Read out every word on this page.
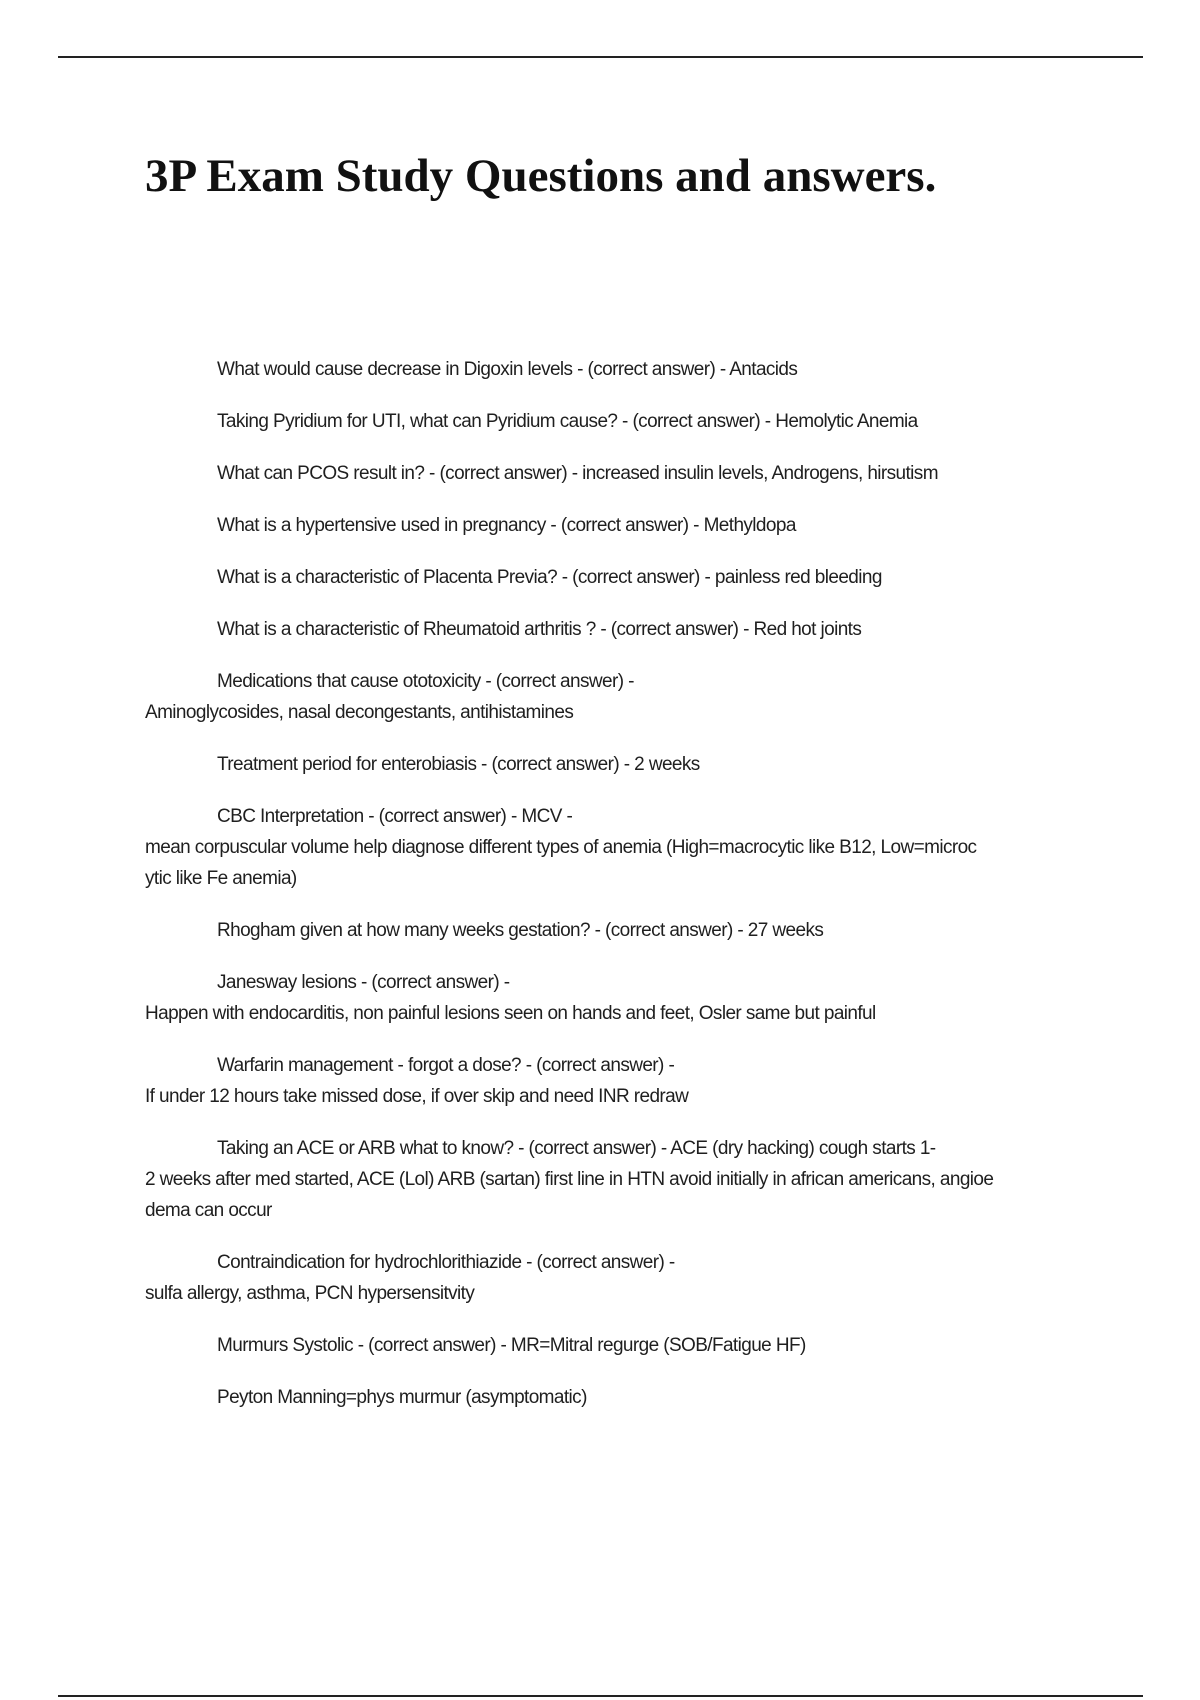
3P Exam Study Questions and answers.

What would cause decrease in Digoxin levels - (correct answer) - Antacids

Taking Pyridium for UTI, what can Pyridium cause? - (correct answer) - Hemolytic Anemia

What can PCOS result in? - (correct answer) - increased insulin levels, Androgens, hirsutism

What is a hypertensive used in pregnancy - (correct answer) - Methyldopa

What is a characteristic of Placenta Previa? - (correct answer) - painless red bleeding

What is a characteristic of Rheumatoid arthritis ? - (correct answer) - Red hot joints

Medications that cause ototoxicity - (correct answer) -
Aminoglycosides, nasal decongestants, antihistamines

Treatment period for enterobiasis - (correct answer) - 2 weeks

CBC Interpretation - (correct answer) - MCV -
mean corpuscular volume help diagnose different types of anemia (High=macrocytic like B12, Low=microc
ytic like Fe anemia)

Rhogham given at how many weeks gestation? - (correct answer) - 27 weeks

Janesway lesions - (correct answer) -
Happen with endocarditis, non painful lesions seen on hands and feet, Osler same but painful

Warfarin management - forgot a dose? - (correct answer) -
If under 12 hours take missed dose, if over skip and need INR redraw

Taking an ACE or ARB what to know? - (correct answer) - ACE (dry hacking) cough starts 1-
2 weeks after med started, ACE (Lol) ARB (sartan) first line in HTN avoid initially in african americans, angioe
dema can occur

Contraindication for hydrochlorithiazide - (correct answer) -
sulfa allergy, asthma, PCN hypersensitvity

Murmurs Systolic - (correct answer) - MR=Mitral regurge (SOB/Fatigue HF)

Peyton Manning=phys murmur (asymptomatic)
